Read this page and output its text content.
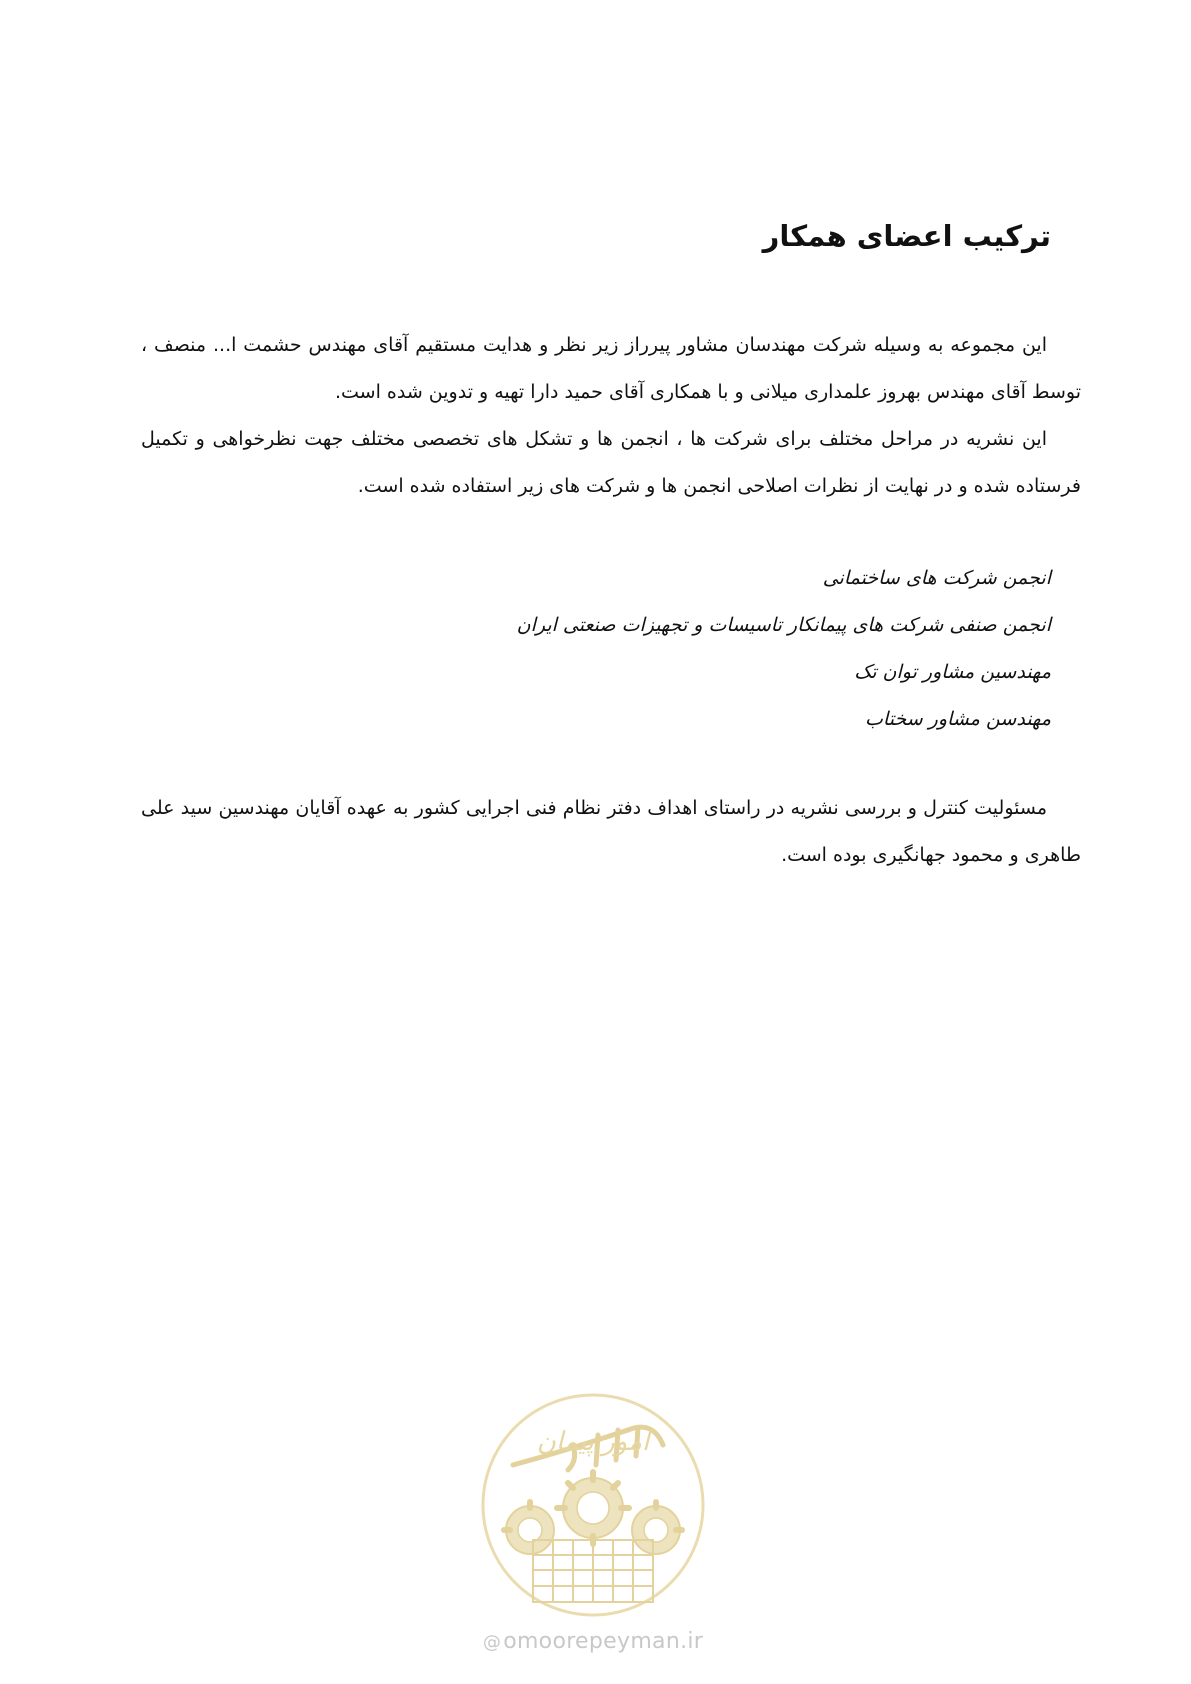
ترکیب اعضای همکار

این مجموعه به وسیله شرکت مهندسان مشاور پیرراز زیر نظر و هدایت مستقیم آقای مهندس حشمت ا... منصف ، توسط آقای مهندس بهروز علمداری میلانی و با همکاری آقای حمید دارا تهیه و تدوین شده است.

این نشریه در مراحل مختلف برای شرکت ها ، انجمن ها و تشکل های تخصصی مختلف جهت نظرخواهی و تکمیل فرستاده شده و در نهایت از نظرات اصلاحی انجمن ها و شرکت های زیر استفاده شده است.

انجمن شرکت های ساختمانی
انجمن صنفی شرکت های پیمانکار تاسیسات و تجهیزات صنعتی ایران
مهندسین مشاور توان تک
مهندسن مشاور سختاب

مسئولیت کنترل و بررسی نشریه در راستای اهداف دفتر نظام فنی اجرایی کشور به عهده آقایان مهندسین سید علی طاهری و محمود جهانگیری بوده است.

امور پیمان
@omoorepeyman.ir
